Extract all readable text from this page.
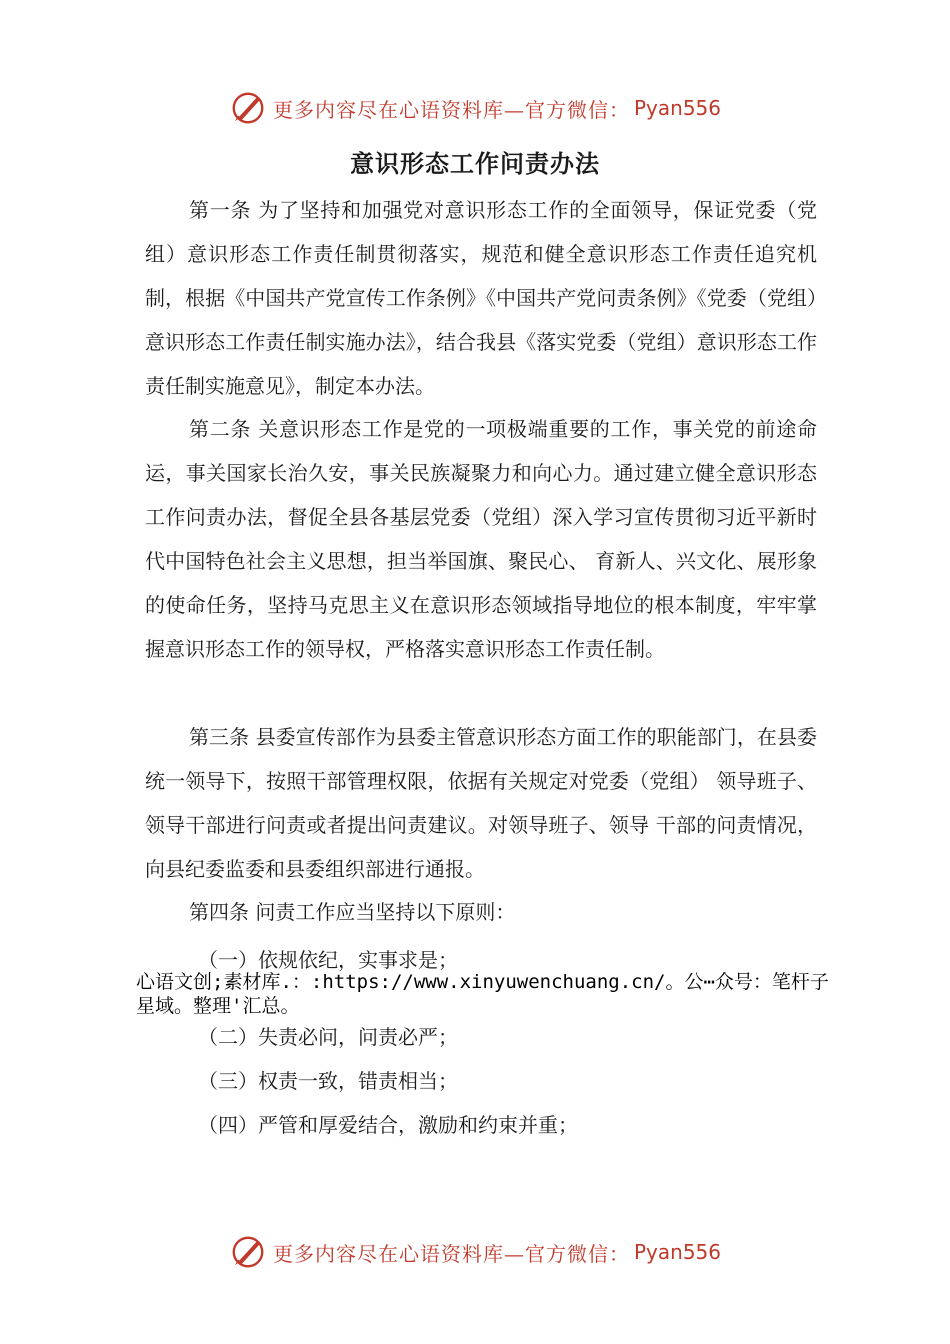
更多内容尽在心语资料库—官方微信： Pyan556
意识形态工作问责办法
第一条 为了坚持和加强党对意识形态工作的全面领导，保证党委（党组）意识形态工作责任制贯彻落实，规范和健全意识形态工作责任追究机制，根据《中国共产党宣传工作条例》《中国共产党问责条例》《党委（党组）意识形态工作责任制实施办法》，结合我县《落实党委（党组）意识形态工作责任制实施意见》，制定本办法。
第二条 关意识形态工作是党的一项极端重要的工作，事关党的前途命运，事关国家长治久安，事关民族凝聚力和向心力。通过建立健全意识形态工作问责办法，督促全县各基层党委（党组）深入学习宣传贯彻习近平新时代中国特色社会主义思想，担当举国旗、聚民心、 育新人、兴文化、展形象的使命任务，坚持马克思主义在意识形态领域指导地位的根本制度，牢牢掌握意识形态工作的领导权，严格落实意识形态工作责任制。
第三条 县委宣传部作为县委主管意识形态方面工作的职能部门，在县委统一领导下，按照干部管理权限，依据有关规定对党委（党组） 领导班子、领导干部进行问责或者提出问责建议。对领导班子、领导 干部的问责情况，向县纪委监委和县委组织部进行通报。
第四条 问责工作应当坚持以下原则：
（一）依规依纪，实事求是；
心语文创;素材库.：:https://www.xinyuwenchuang.cn/。公⋯众号：笔杆子星域。整理'汇总。
（二）失责必问，问责必严；
（三）权责一致，错责相当；
（四）严管和厚爱结合，激励和约束并重；
更多内容尽在心语资料库—官方微信： Pyan556
